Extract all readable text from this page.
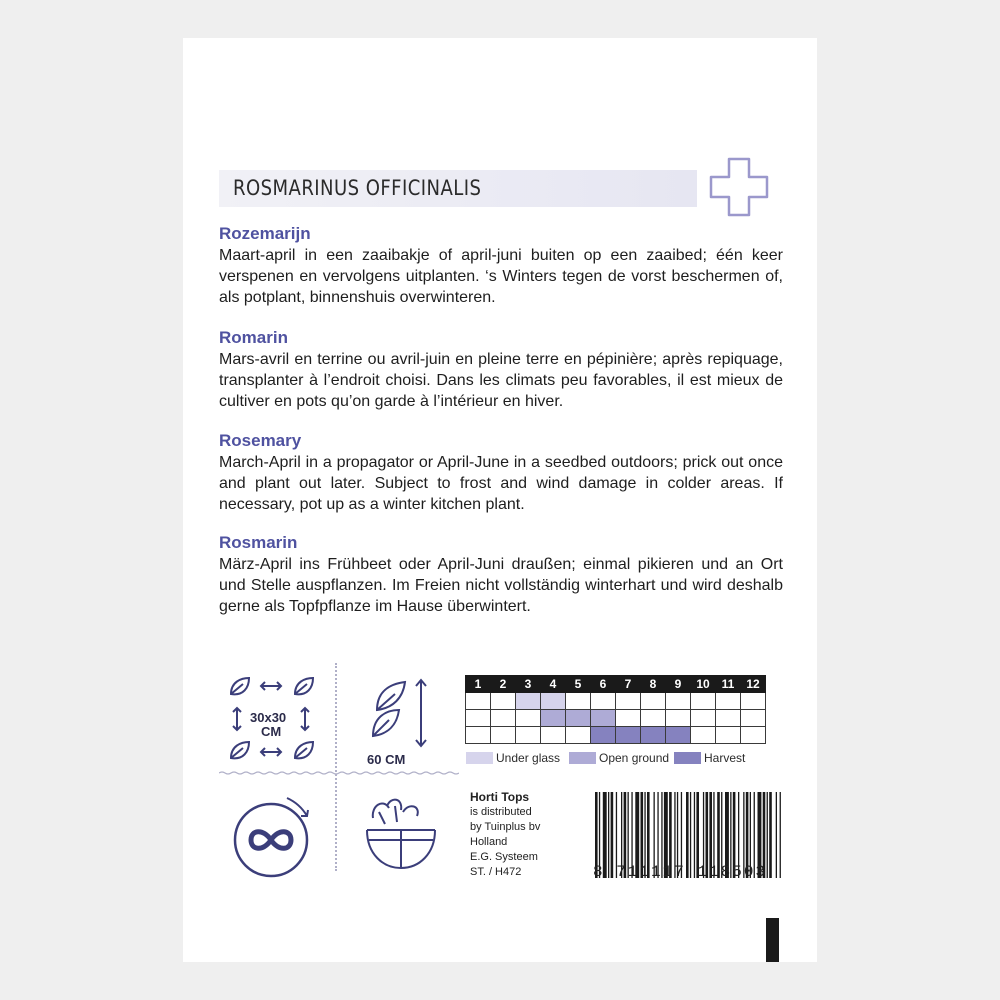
ROSMARINUS OFFICINALIS
Rozemarijn
Maart-april in een zaaibakje of april-juni buiten op een zaaibed; één keer verspenen en vervolgens uitplanten. ‘s Winters tegen de vorst beschermen of, als potplant, binnenshuis overwinteren.
Romarin
Mars-avril en terrine ou avril-juin en pleine terre en pépinière; après repiquage, transplanter à l’endroit choisi. Dans les climats peu favorables, il est mieux de cultiver en pots qu’on garde à l’intérieur en hiver.
Rosemary
March-April in a propagator or April-June in a seedbed outdoors; prick out once and plant out later. Subject to frost and wind damage in colder areas. If necessary, pot up as a winter kitchen plant.
Rosmarin
März-April ins Frühbeet oder April-Juni draußen; einmal pikieren und an Ort und Stelle auspflanzen. Im Freien nicht vollständig winterhart und wird deshalb gerne als Topfpflanze im Hause überwintert.
30x30
CM
60 CM
1	2	3	4	5	6	7	8	9	10	11	12

Under glass	Open ground	Harvest
Horti Tops
is distributed
by Tuinplus bv
Holland
E.G. Systeem
ST. / H472	8 711117 118503
